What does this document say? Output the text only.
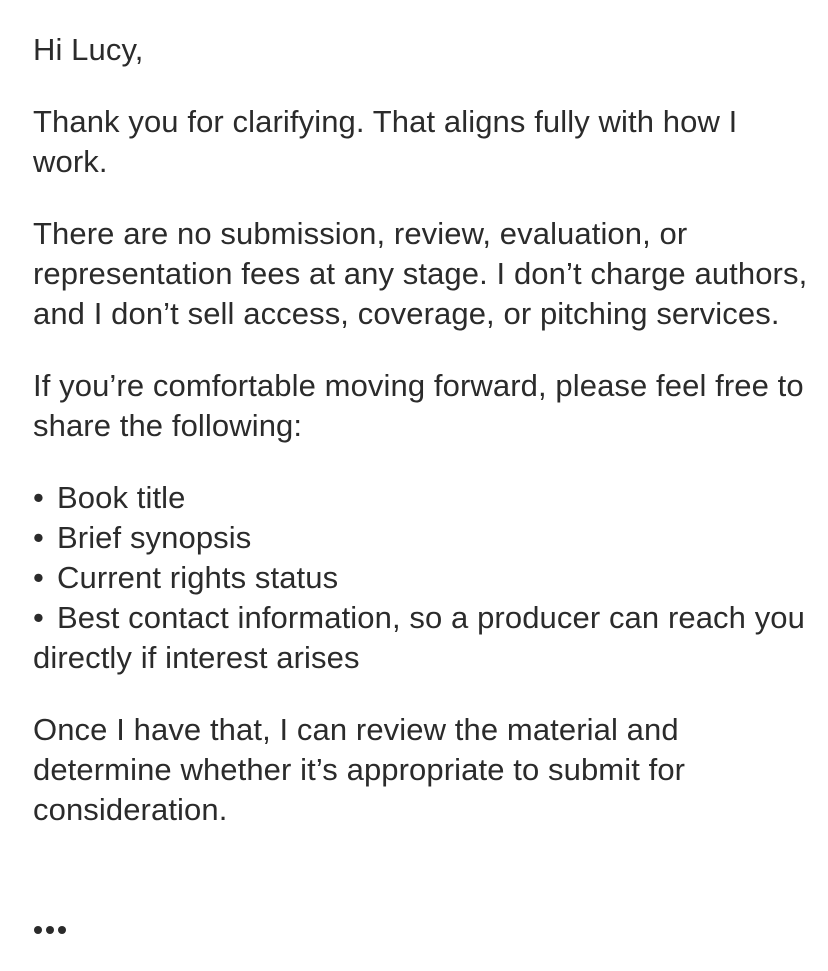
Hi Lucy,

Thank you for clarifying. That aligns fully with how I work.

There are no submission, review, evaluation, or representation fees at any stage. I don’t charge authors, and I don’t sell access, coverage, or pitching services.

If you’re comfortable moving forward, please feel free to share the following:

• Book title
• Brief synopsis
• Current rights status
• Best contact information, so a producer can reach you directly if interest arises

Once I have that, I can review the material and determine whether it’s appropriate to submit for consideration.
